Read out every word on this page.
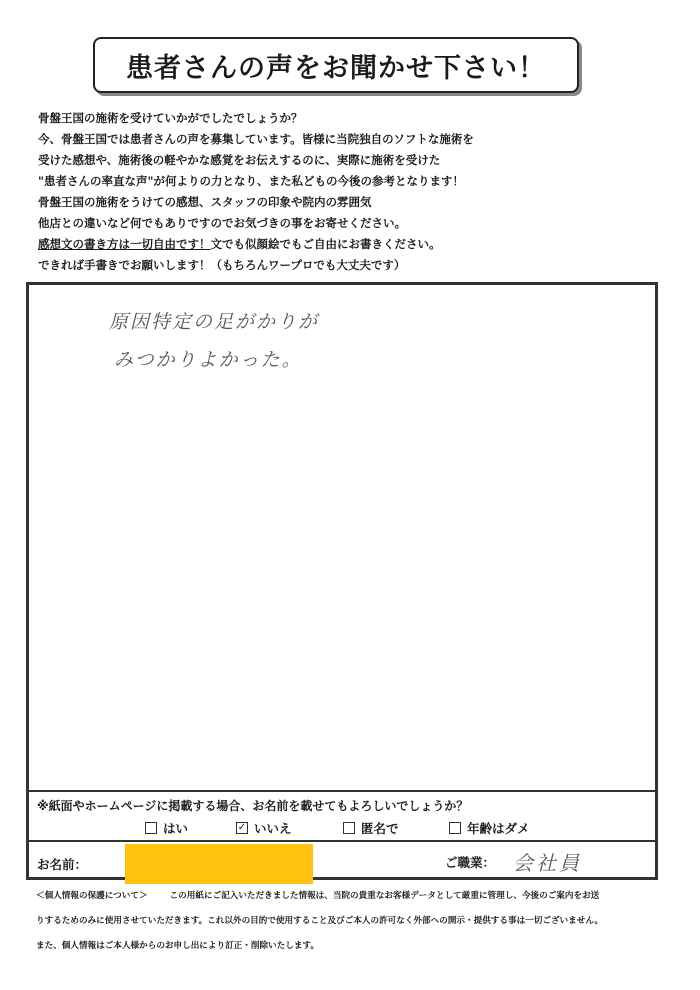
患者さんの声をお聞かせ下さい！
骨盤王国の施術を受けていかがでしたでしょうか？
今、骨盤王国では患者さんの声を募集しています。皆様に当院独自のソフトな施術を
受けた感想や、施術後の軽やかな感覚をお伝えするのに、実際に施術を受けた
"患者さんの率直な声"が何よりの力となり、また私どもの今後の参考となります！
骨盤王国の施術をうけての感想、スタッフの印象や院内の雰囲気
他店との違いなど何でもありですのでお気づきの事をお寄せください。
感想文の書き方は一切自由です！文でも似顔絵でもご自由にお書きください。
できれば手書きでお願いします！（もちろんワープロでも大丈夫です）
原因特定の足がかりが
みつかりよかった。
※紙面やホームページに掲載する場合、お名前を載せてもよろしいでしょうか？
はい	✓ いいえ	匿名で	年齢はダメ
お名前：	ご職業： 会社員
＜個人情報の保護について＞	この用紙にご記入いただきました情報は、当院の貴重なお客様データとして厳重に管理し、今後のご案内をお送
りするためのみに使用させていただきます。これ以外の目的で使用すること及びご本人の許可なく外部への開示・提供する事は一切ございません。
また、個人情報はご本人様からのお申し出により訂正・削除いたします。
